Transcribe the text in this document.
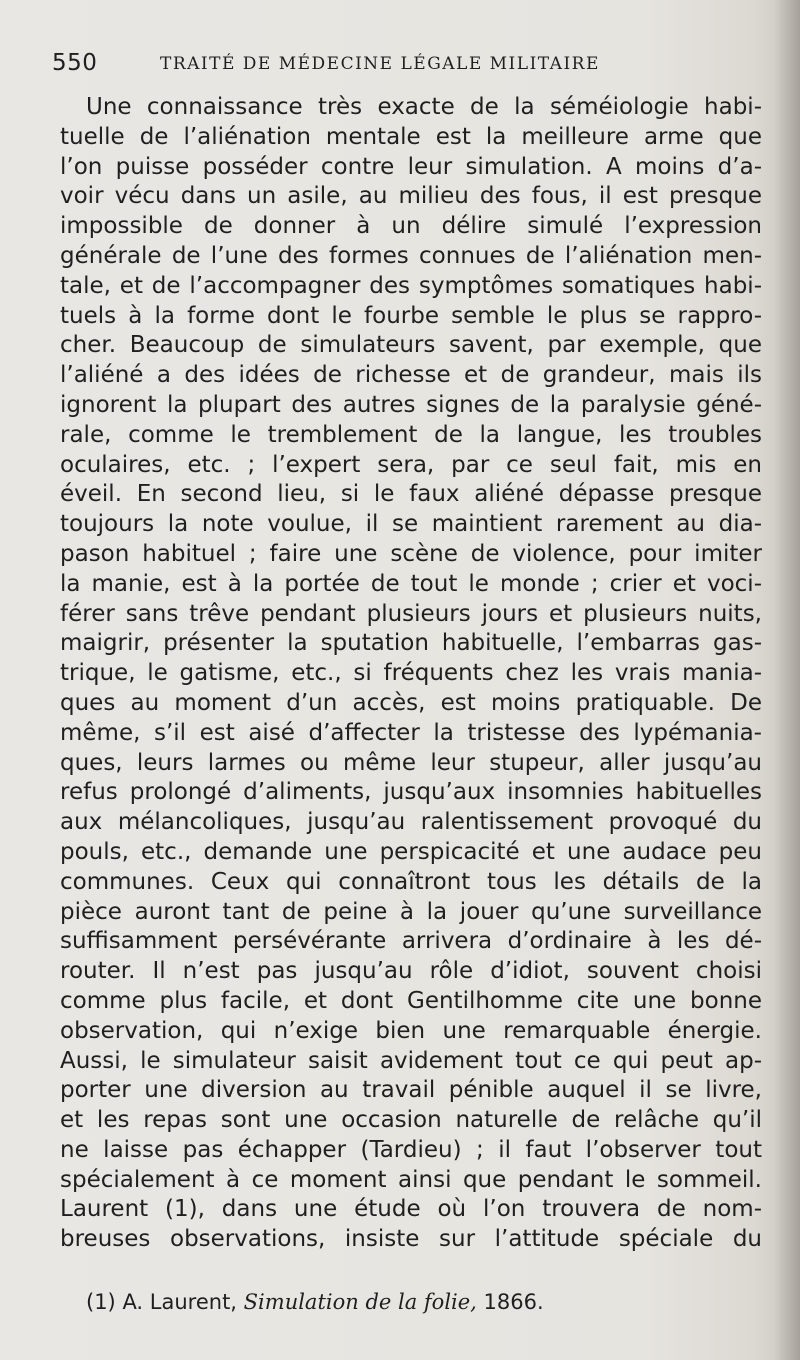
550	TRAITÉ DE MÉDECINE LÉGALE MILITAIRE
Une connaissance très exacte de la séméiologie habi-
tuelle de l’aliénation mentale est la meilleure arme que
l’on puisse posséder contre leur simulation. A moins d’a-
voir vécu dans un asile, au milieu des fous, il est presque
impossible de donner à un délire simulé l’expression
générale de l’une des formes connues de l’aliénation men-
tale, et de l’accompagner des symptômes somatiques habi-
tuels à la forme dont le fourbe semble le plus se rappro-
cher. Beaucoup de simulateurs savent, par exemple, que
l’aliéné a des idées de richesse et de grandeur, mais ils
ignorent la plupart des autres signes de la paralysie géné-
rale, comme le tremblement de la langue, les troubles
oculaires, etc. ; l’expert sera, par ce seul fait, mis en
éveil. En second lieu, si le faux aliéné dépasse presque
toujours la note voulue, il se maintient rarement au dia-
pason habituel ; faire une scène de violence, pour imiter
la manie, est à la portée de tout le monde ; crier et voci-
férer sans trêve pendant plusieurs jours et plusieurs nuits,
maigrir, présenter la sputation habituelle, l’embarras gas-
trique, le gatisme, etc., si fréquents chez les vrais mania-
ques au moment d’un accès, est moins pratiquable. De
même, s’il est aisé d’affecter la tristesse des lypémania-
ques, leurs larmes ou même leur stupeur, aller jusqu’au
refus prolongé d’aliments, jusqu’aux insomnies habituelles
aux mélancoliques, jusqu’au ralentissement provoqué du
pouls, etc., demande une perspicacité et une audace peu
communes. Ceux qui connaîtront tous les détails de la
pièce auront tant de peine à la jouer qu’une surveillance
suffisamment persévérante arrivera d’ordinaire à les dé-
router. Il n’est pas jusqu’au rôle d’idiot, souvent choisi
comme plus facile, et dont Gentilhomme cite une bonne
observation, qui n’exige bien une remarquable énergie.
Aussi, le simulateur saisit avidement tout ce qui peut ap-
porter une diversion au travail pénible auquel il se livre,
et les repas sont une occasion naturelle de relâche qu’il
ne laisse pas échapper (Tardieu) ; il faut l’observer tout
spécialement à ce moment ainsi que pendant le sommeil.
Laurent (1), dans une étude où l’on trouvera de nom-
breuses observations, insiste sur l’attitude spéciale du
(1) A. Laurent, Simulation de la folie, 1866.
